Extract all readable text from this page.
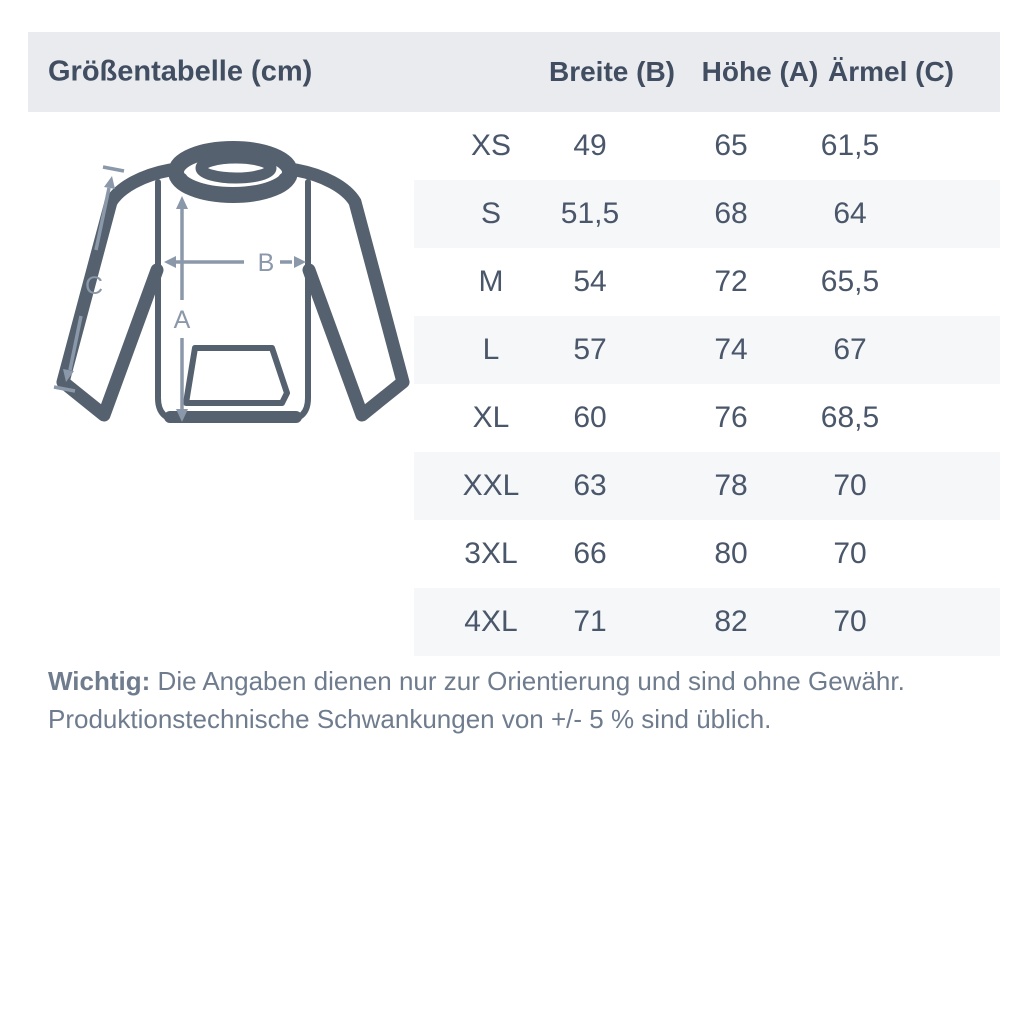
Größentabelle (cm)	Breite (B) Höhe (A) Ärmel (C)
A
B
C
XS 49	65 61,5
S 51,5	68	64
M 54	72 65,5
L 57	74	67
XL 60	76 68,5
XXL 63	78	70
3XL 66	80	70
4XL 71	82	70
Wichtig: Die Angaben dienen nur zur Orientierung und sind ohne Gewähr.
Produktionstechnische Schwankungen von +/- 5 % sind üblich.
